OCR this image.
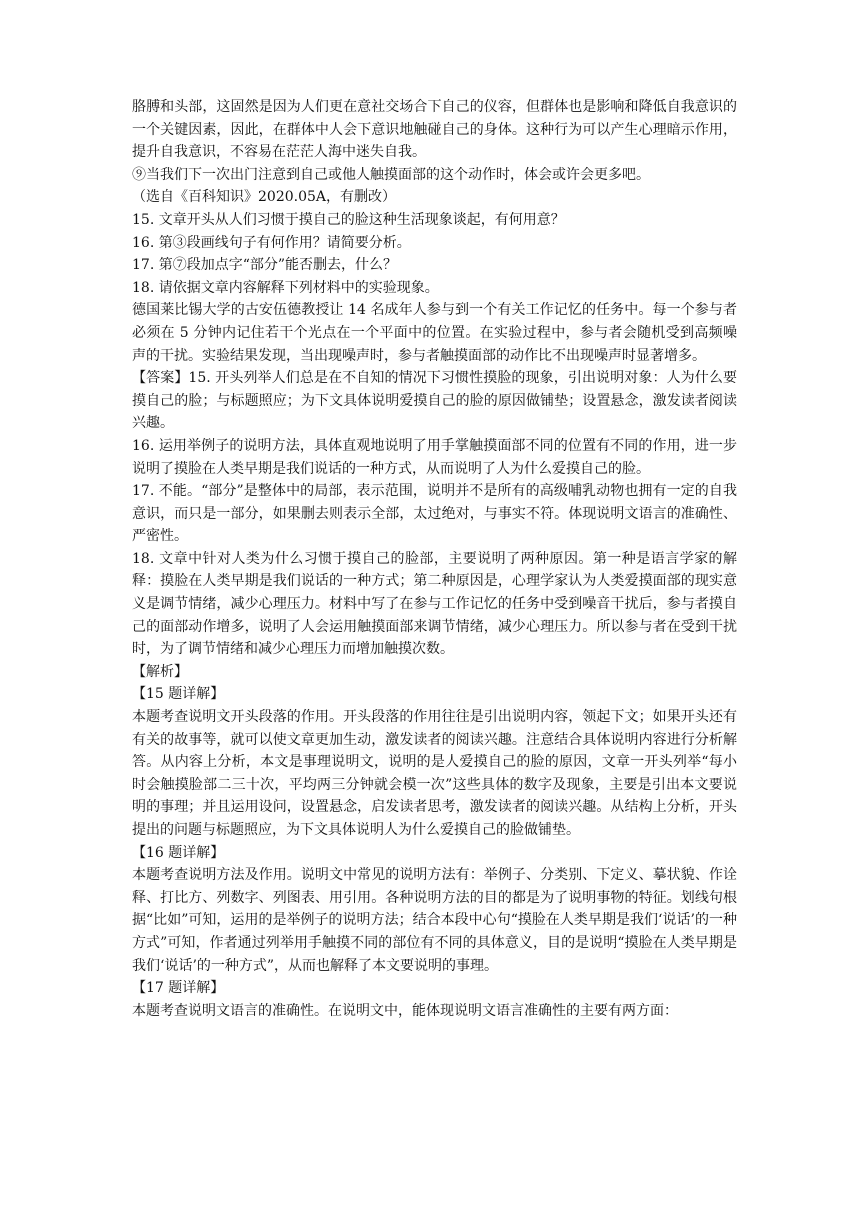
胳膊和头部，这固然是因为人们更在意社交场合下自己的仪容，但群体也是影响和降低自我意识的一个关键因素，因此，在群体中人会下意识地触碰自己的身体。这种行为可以产生心理暗示作用，提升自我意识，不容易在茫茫人海中迷失自我。

⑨当我们下一次出门注意到自己或他人触摸面部的这个动作时，体会或许会更多吧。

（选自《百科知识》2020.05A，有删改）

15. 文章开头从人们习惯于摸自己的脸这种生活现象谈起，有何用意？

16. 第③段画线句子有何作用？请简要分析。

17. 第⑦段加点字“部分”能否删去，什么？

18. 请依据文章内容解释下列材料中的实验现象。

德国莱比锡大学的古安伍德教授让 14 名成年人参与到一个有关工作记忆的任务中。每一个参与者必须在 5 分钟内记住若干个光点在一个平面中的位置。在实验过程中，参与者会随机受到高频噪声的干扰。实验结果发现，当出现噪声时，参与者触摸面部的动作比不出现噪声时显著增多。

【答案】15. 开头列举人们总是在不自知的情况下习惯性摸脸的现象，引出说明对象：人为什么要摸自己的脸；与标题照应；为下文具体说明爱摸自己的脸的原因做铺垫；设置悬念，激发读者阅读兴趣。

16. 运用举例子的说明方法，具体直观地说明了用手掌触摸面部不同的位置有不同的作用，进一步说明了摸脸在人类早期是我们说话的一种方式，从而说明了人为什么爱摸自己的脸。

17. 不能。“部分”是整体中的局部，表示范围，说明并不是所有的高级哺乳动物也拥有一定的自我意识，而只是一部分，如果删去则表示全部，太过绝对，与事实不符。体现说明文语言的准确性、严密性。

18. 文章中针对人类为什么习惯于摸自己的脸部，主要说明了两种原因。第一种是语言学家的解释：摸脸在人类早期是我们说话的一种方式；第二种原因是，心理学家认为人类爱摸面部的现实意义是调节情绪，减少心理压力。材料中写了在参与工作记忆的任务中受到噪音干扰后，参与者摸自己的面部动作增多，说明了人会运用触摸面部来调节情绪，减少心理压力。所以参与者在受到干扰时，为了调节情绪和减少心理压力而增加触摸次数。

【解析】

【15 题详解】

本题考查说明文开头段落的作用。开头段落的作用往往是引出说明内容，领起下文；如果开头还有有关的故事等，就可以使文章更加生动，激发读者的阅读兴趣。注意结合具体说明内容进行分析解答。从内容上分析，本文是事理说明文，说明的是人爱摸自己的脸的原因，文章一开头列举“每小时会触摸脸部二三十次，平均两三分钟就会模一次”这些具体的数字及现象，主要是引出本文要说明的事理；并且运用设问，设置悬念，启发读者思考，激发读者的阅读兴趣。从结构上分析，开头提出的问题与标题照应，为下文具体说明人为什么爱摸自己的脸做铺垫。

【16 题详解】

本题考查说明方法及作用。说明文中常见的说明方法有：举例子、分类别、下定义、摹状貌、作诠释、打比方、列数字、列图表、用引用。各种说明方法的目的都是为了说明事物的特征。划线句根据“比如”可知，运用的是举例子的说明方法；结合本段中心句“摸脸在人类早期是我们‘说话’的一种方式”可知，作者通过列举用手触摸不同的部位有不同的具体意义，目的是说明“摸脸在人类早期是我们‘说话’的一种方式”，从而也解释了本文要说明的事理。

【17 题详解】

本题考查说明文语言的准确性。在说明文中，能体现说明文语言准确性的主要有两方面：
